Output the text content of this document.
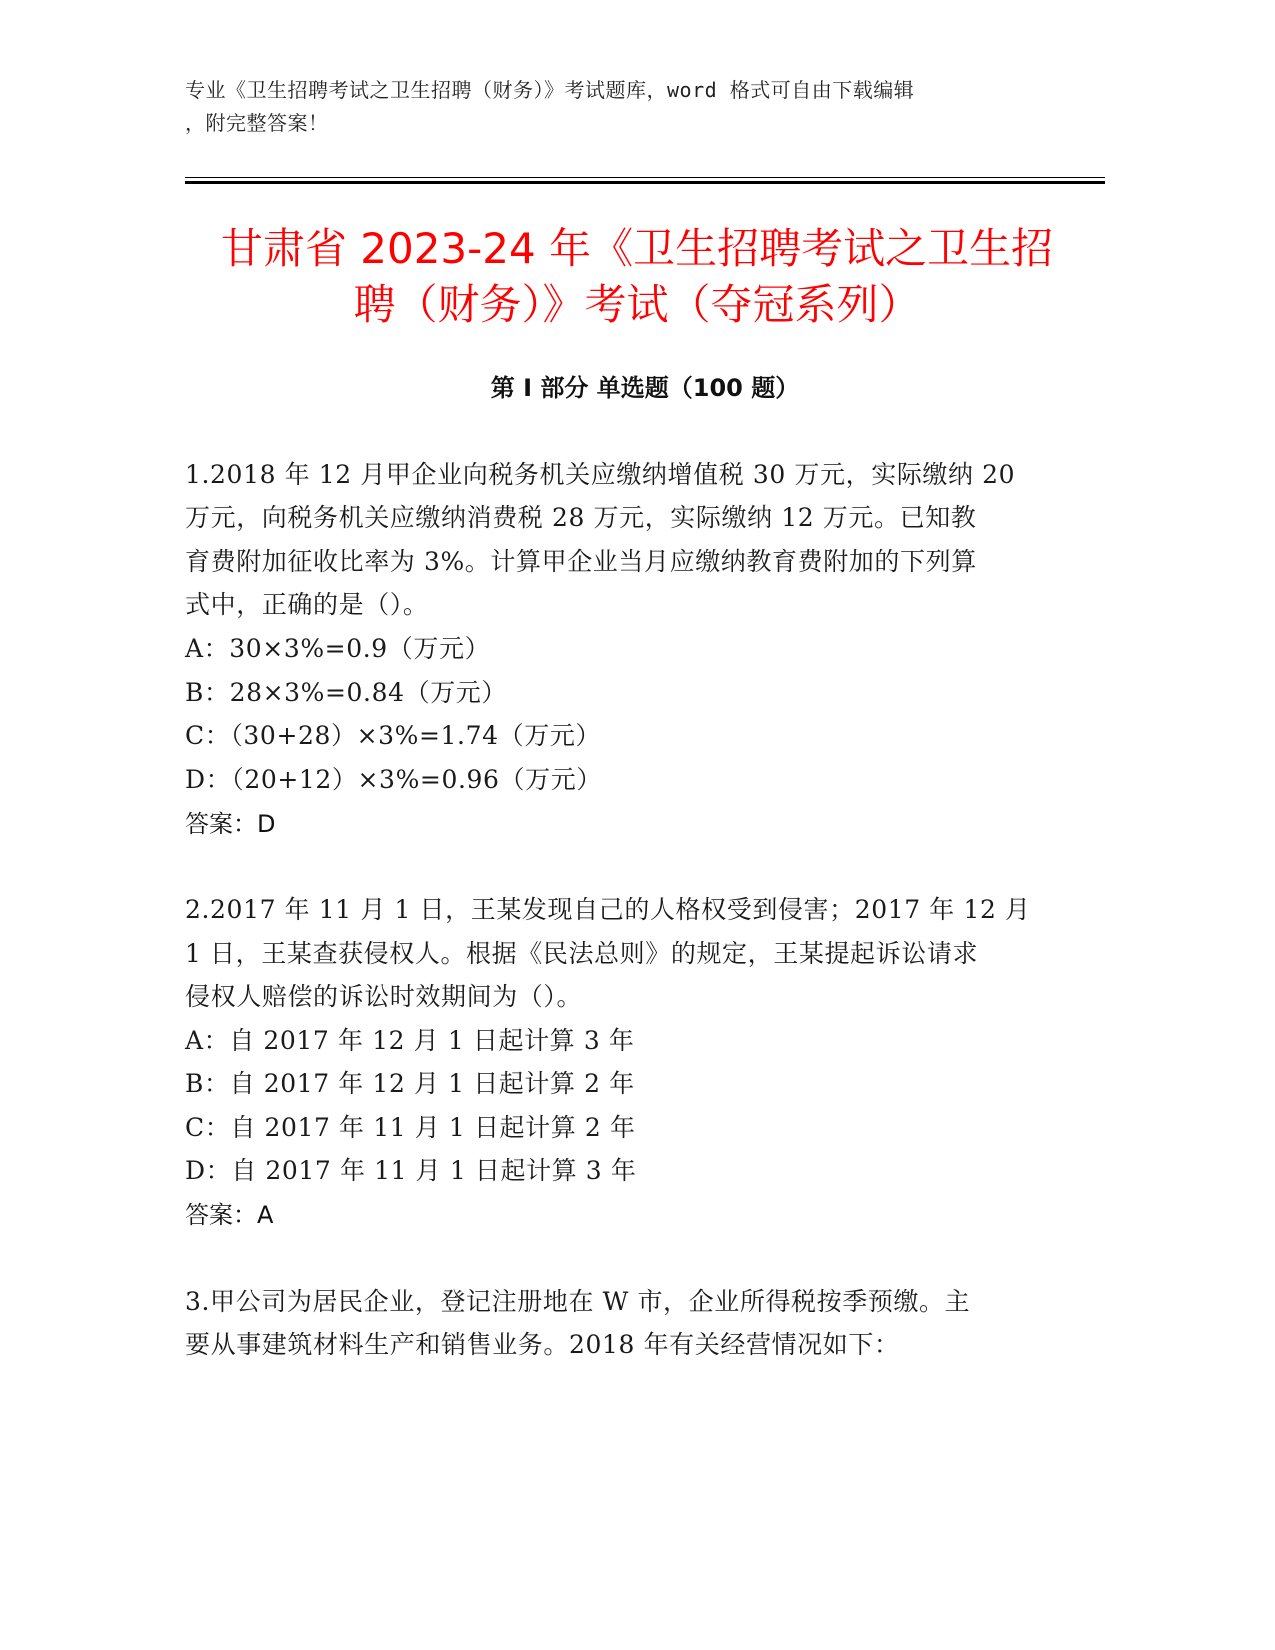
专业《卫生招聘考试之卫生招聘（财务）》考试题库，word 格式可自由下载编辑
，附完整答案！
甘肃省 2023-24 年《卫生招聘考试之卫生招
聘（财务）》考试（夺冠系列）
第 I 部分 单选题（100 题）
1.2018 年 12 月甲企业向税务机关应缴纳增值税 30 万元，实际缴纳 20
万元，向税务机关应缴纳消费税 28 万元，实际缴纳 12 万元。已知教
育费附加征收比率为 3%。计算甲企业当月应缴纳教育费附加的下列算
式中，正确的是（）。
A：30×3%=0.9（万元）
B：28×3%=0.84（万元）
C：（30+28）×3%=1.74（万元）
D：（20+12）×3%=0.96（万元）
答案：D
2.2017 年 11 月 1 日，王某发现自己的人格权受到侵害；2017 年 12 月
1 日，王某查获侵权人。根据《民法总则》的规定，王某提起诉讼请求
侵权人赔偿的诉讼时效期间为（）。
A：自 2017 年 12 月 1 日起计算 3 年
B：自 2017 年 12 月 1 日起计算 2 年
C：自 2017 年 11 月 1 日起计算 2 年
D：自 2017 年 11 月 1 日起计算 3 年
答案：A
3.甲公司为居民企业，登记注册地在 W 市，企业所得税按季预缴。主
要从事建筑材料生产和销售业务。2018 年有关经营情况如下：
